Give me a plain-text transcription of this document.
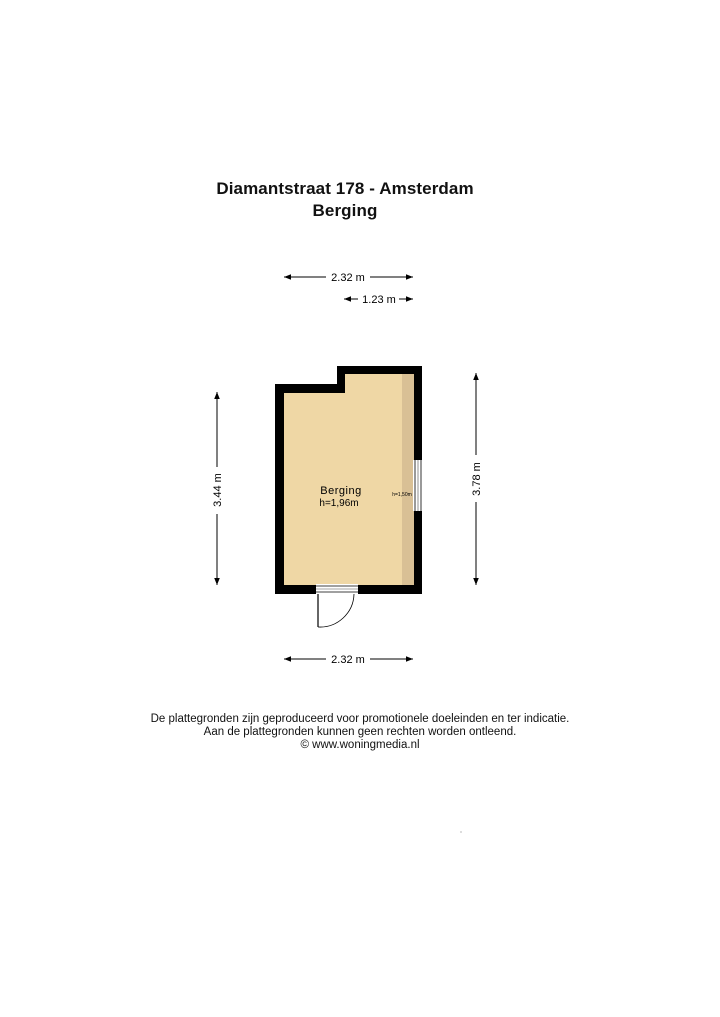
Diamantstraat 178 - Amsterdam
Berging
2.32 m
1.23 m
3.44 m	3.78 m
2.32 m
Berging
h=1,96m
h=1,50m
De plattegronden zijn geproduceerd voor promotionele doeleinden en ter indicatie.
Aan de plattegronden kunnen geen rechten worden ontleend.
© www.woningmedia.nl
